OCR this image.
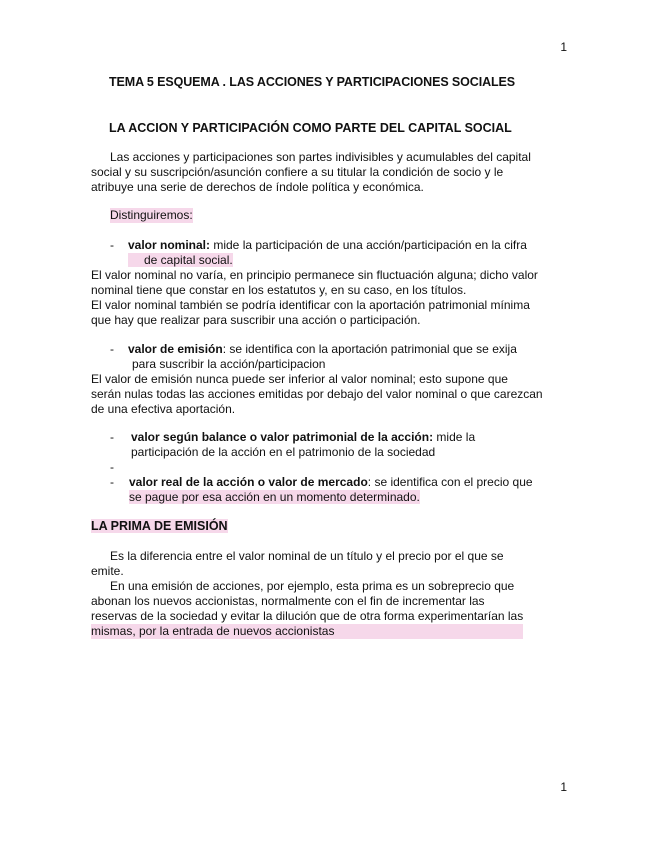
1
TEMA 5 ESQUEMA . LAS ACCIONES Y PARTICIPACIONES SOCIALES
LA ACCION Y PARTICIPACIÓN COMO PARTE DEL CAPITAL SOCIAL
Las acciones y participaciones son partes indivisibles y acumulables del capital
social y su suscripción/asunción confiere a su titular la condición de socio y le
atribuye una serie de derechos de índole política y económica.
Distinguiremos:
- valor nominal: mide la participación de una acción/participación en la cifra
de capital social.
El valor nominal no varía, en principio permanece sin fluctuación alguna; dicho valor
nominal tiene que constar en los estatutos y, en su caso, en los títulos.
El valor nominal también se podría identificar con la aportación patrimonial mínima
que hay que realizar para suscribir una acción o participación.
- valor de emisión: se identifica con la aportación patrimonial que se exija
para suscribir la acción/participacion
El valor de emisión nunca puede ser inferior al valor nominal; esto supone que
serán nulas todas las acciones emitidas por debajo del valor nominal o que carezcan
de una efectiva aportación.
- valor según balance o valor patrimonial de la acción: mide la
participación de la acción en el patrimonio de la sociedad
-
- valor real de la acción o valor de mercado: se identifica con el precio que
se pague por esa acción en un momento determinado.
LA PRIMA DE EMISIÓN
Es la diferencia entre el valor nominal de un título y el precio por el que se
emite.
En una emisión de acciones, por ejemplo, esta prima es un sobreprecio que
abonan los nuevos accionistas, normalmente con el fin de incrementar las
reservas de la sociedad y evitar la dilución que de otra forma experimentarían las
mismas, por la entrada de nuevos accionistas
1
